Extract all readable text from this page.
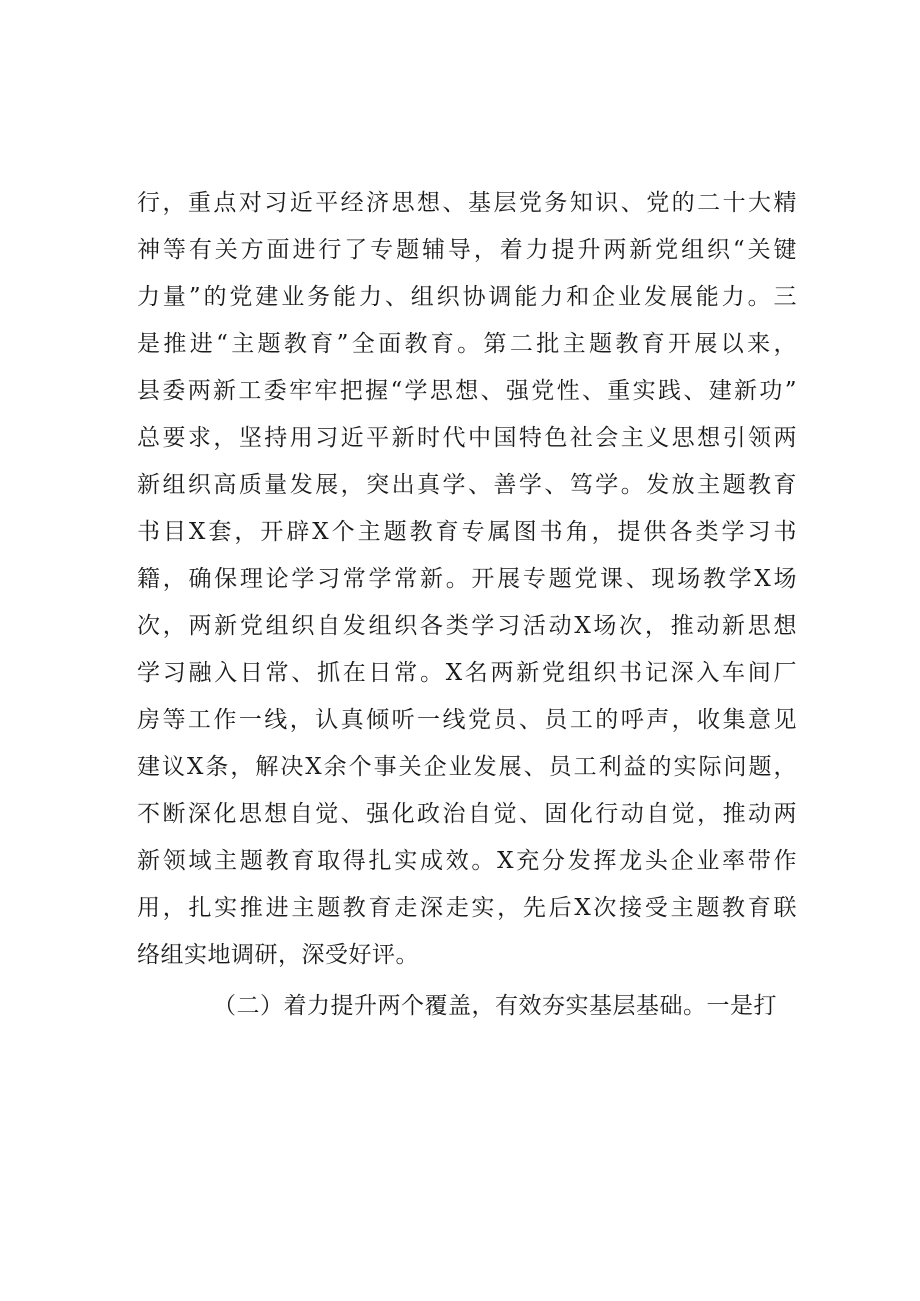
行，重点对习近平经济思想、基层党务知识、党的二十大精
神等有关方面进行了专题辅导，着力提升两新党组织“关键
力量”的党建业务能力、组织协调能力和企业发展能力。三
是推进“主题教育”全面教育。第二批主题教育开展以来，
县委两新工委牢牢把握“学思想、强党性、重实践、建新功”
总要求，坚持用习近平新时代中国特色社会主义思想引领两
新组织高质量发展，突出真学、善学、笃学。发放主题教育
书目X套，开辟X个主题教育专属图书角，提供各类学习书
籍，确保理论学习常学常新。开展专题党课、现场教学X场
次，两新党组织自发组织各类学习活动X场次，推动新思想
学习融入日常、抓在日常。X名两新党组织书记深入车间厂
房等工作一线，认真倾听一线党员、员工的呼声，收集意见
建议X条，解决X余个事关企业发展、员工利益的实际问题，
不断深化思想自觉、强化政治自觉、固化行动自觉，推动两
新领域主题教育取得扎实成效。X充分发挥龙头企业率带作
用，扎实推进主题教育走深走实，先后X次接受主题教育联
络组实地调研，深受好评。
（二）着力提升两个覆盖，有效夯实基层基础。一是打
